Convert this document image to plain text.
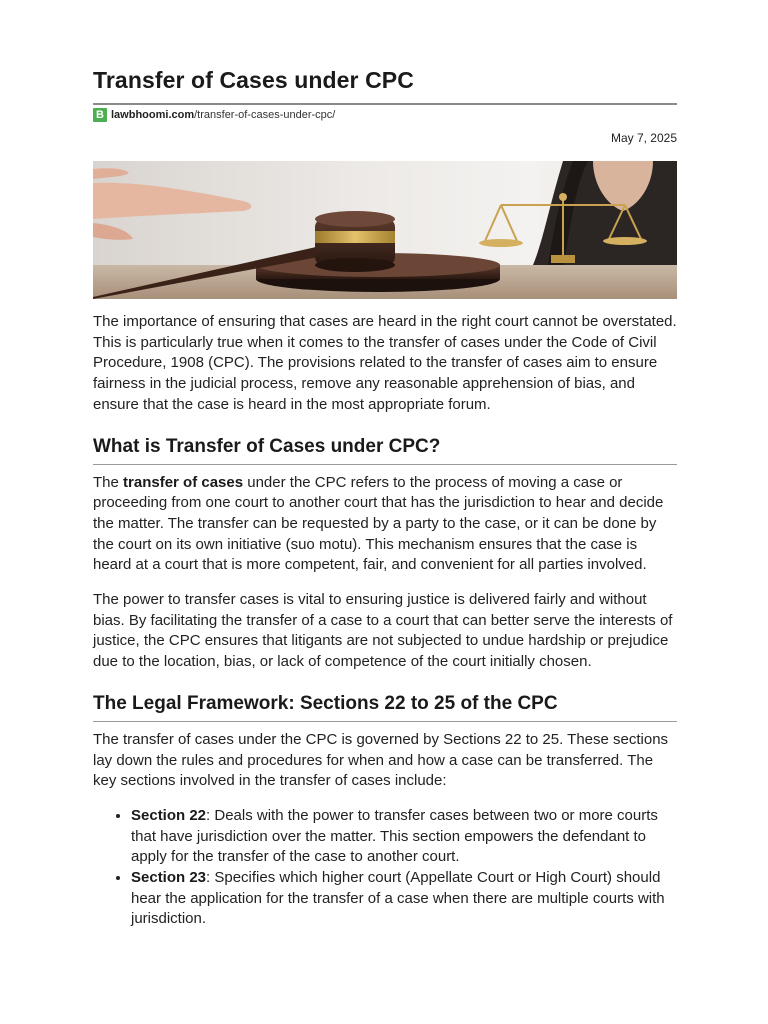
Transfer of Cases under CPC
B lawbhoomi.com/transfer-of-cases-under-cpc/
May 7, 2025

The importance of ensuring that cases are heard in the right court cannot be overstated. This is particularly true when it comes to the transfer of cases under the Code of Civil Procedure, 1908 (CPC). The provisions related to the transfer of cases aim to ensure fairness in the judicial process, remove any reasonable apprehension of bias, and ensure that the case is heard in the most appropriate forum.

What is Transfer of Cases under CPC?

The transfer of cases under the CPC refers to the process of moving a case or proceeding from one court to another court that has the jurisdiction to hear and decide the matter. The transfer can be requested by a party to the case, or it can be done by the court on its own initiative (suo motu). This mechanism ensures that the case is heard at a court that is more competent, fair, and convenient for all parties involved.

The power to transfer cases is vital to ensuring justice is delivered fairly and without bias. By facilitating the transfer of a case to a court that can better serve the interests of justice, the CPC ensures that litigants are not subjected to undue hardship or prejudice due to the location, bias, or lack of competence of the court initially chosen.

The Legal Framework: Sections 22 to 25 of the CPC

The transfer of cases under the CPC is governed by Sections 22 to 25. These sections lay down the rules and procedures for when and how a case can be transferred. The key sections involved in the transfer of cases include:

• Section 22: Deals with the power to transfer cases between two or more courts that have jurisdiction over the matter. This section empowers the defendant to apply for the transfer of the case to another court.
• Section 23: Specifies which higher court (Appellate Court or High Court) should hear the application for the transfer of a case when there are multiple courts with jurisdiction.
